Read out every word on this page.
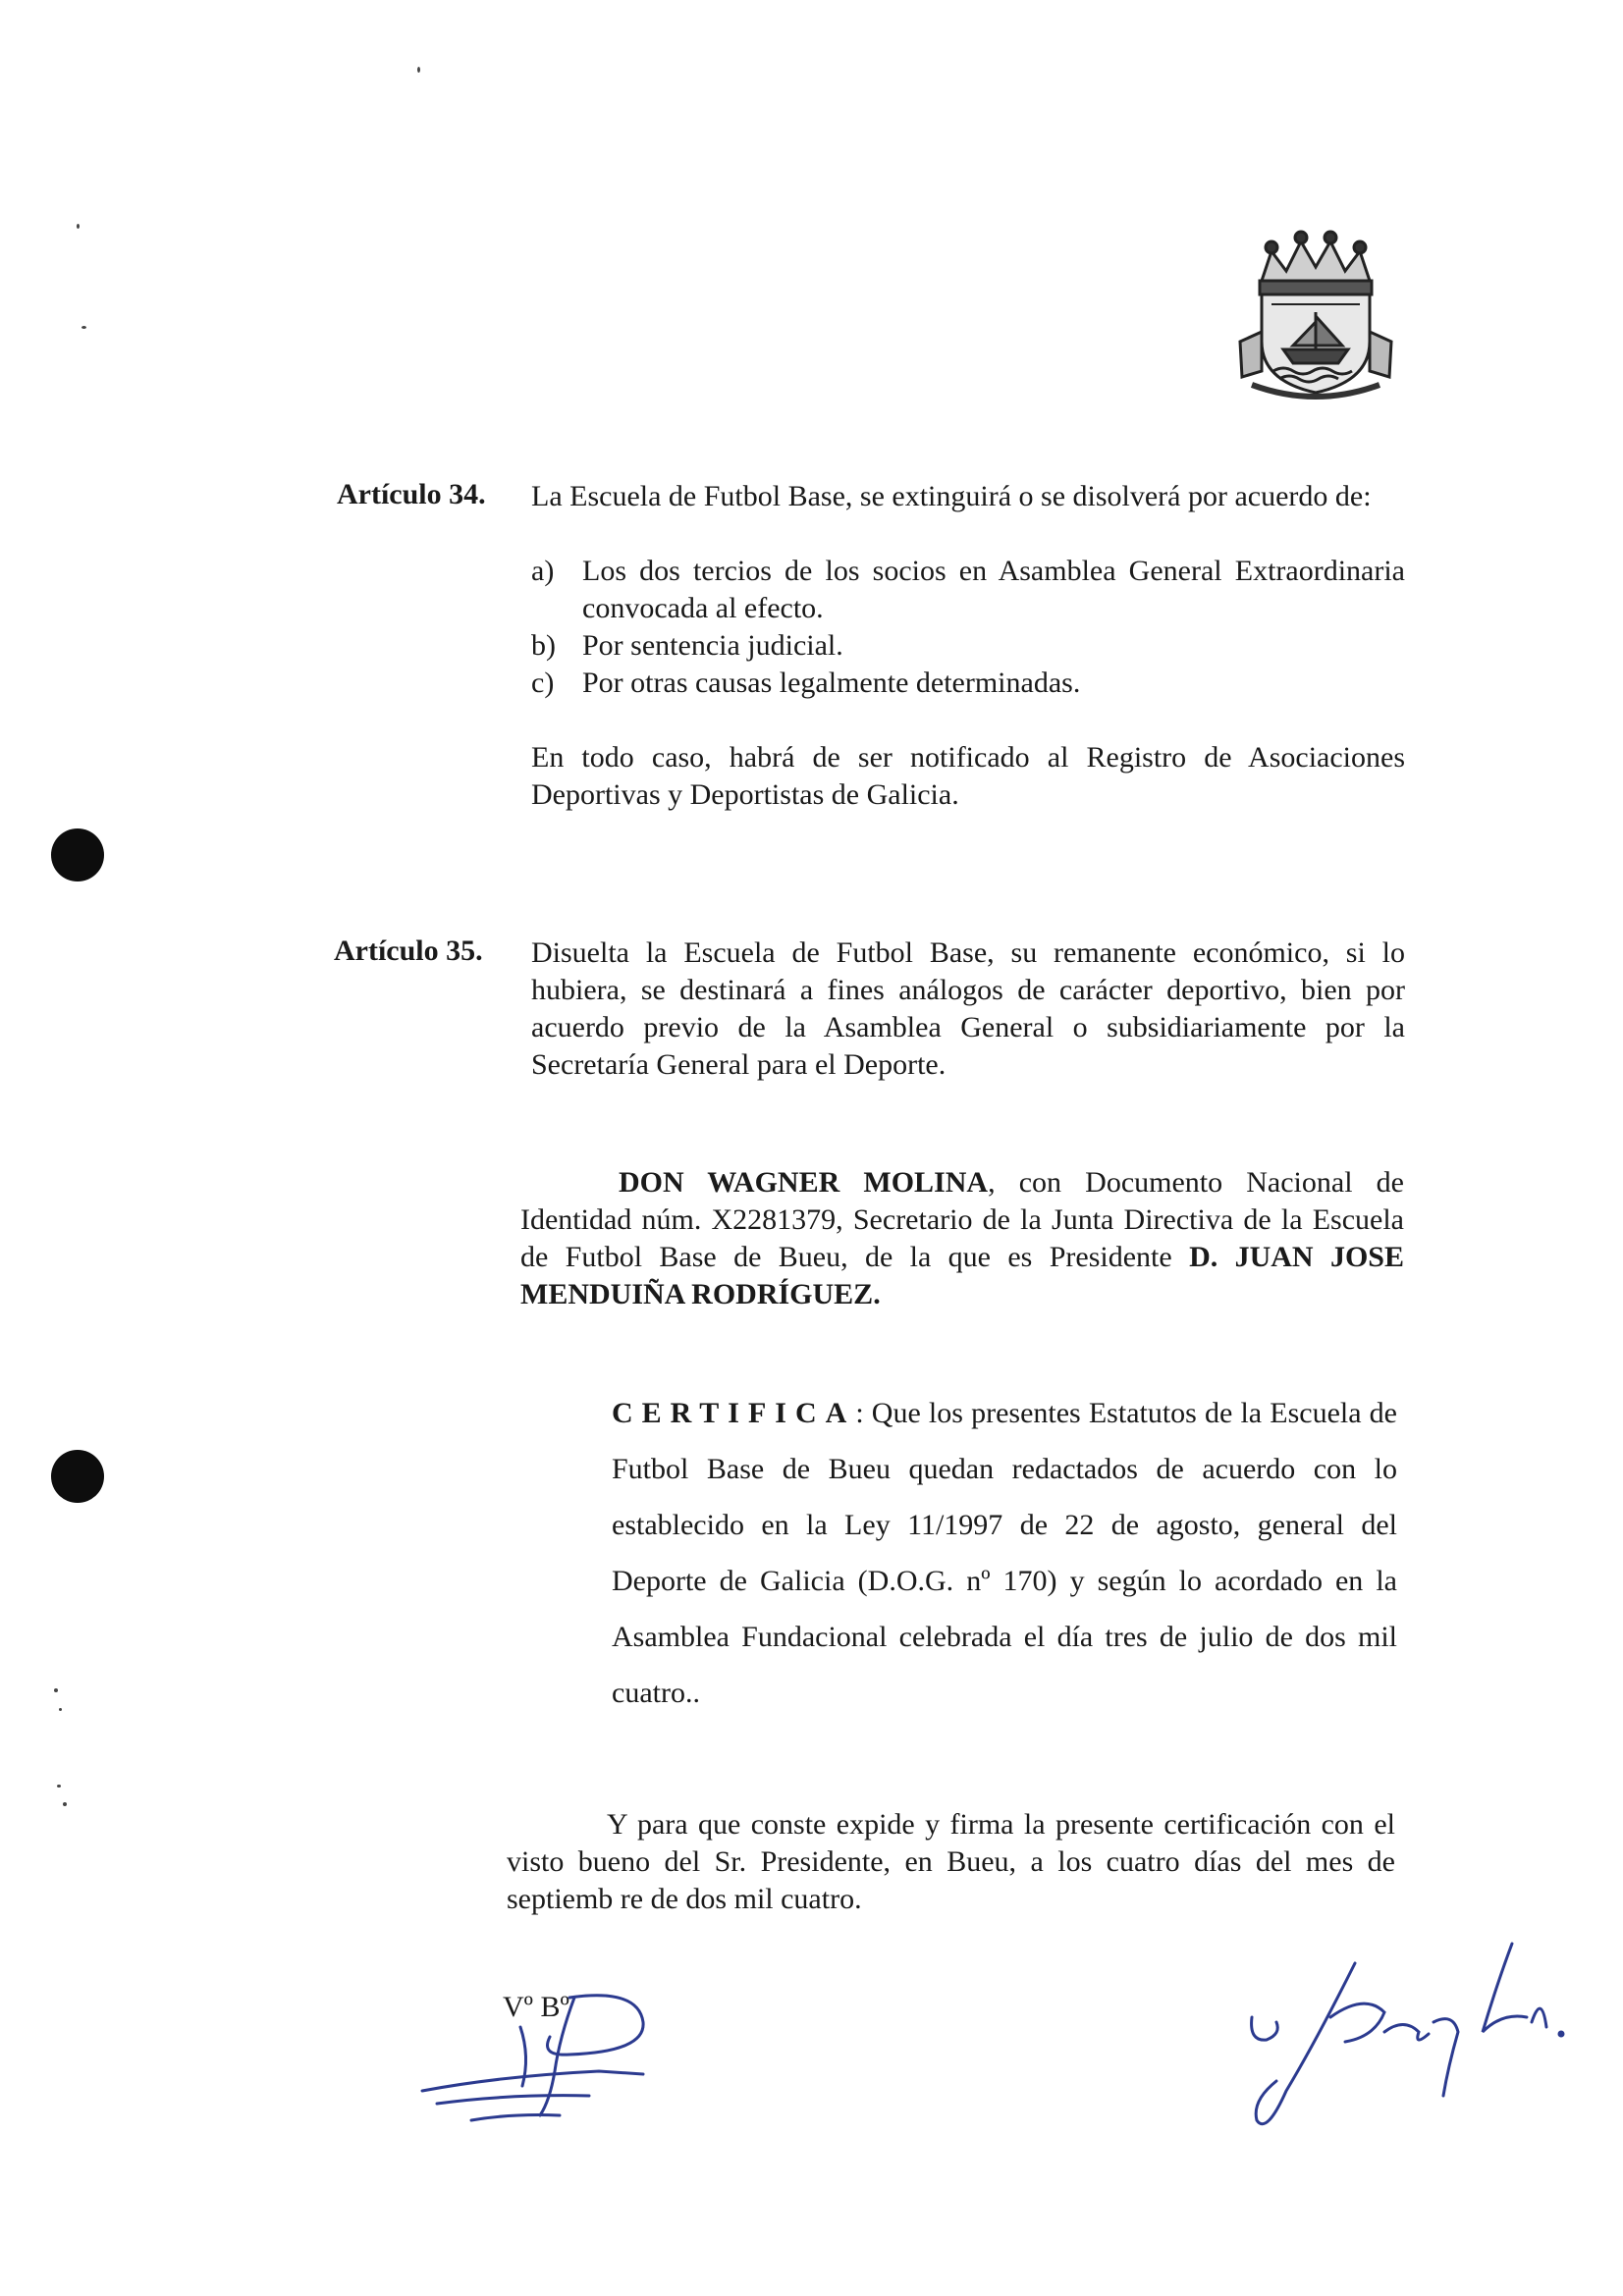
Artículo 34. La Escuela de Futbol Base, se extinguirá o se disolverá por acuerdo de:

a) Los dos tercios de los socios en Asamblea General Extraordinaria convocada al efecto.
b) Por sentencia judicial.
c) Por otras causas legalmente determinadas.

En todo caso, habrá de ser notificado al Registro de Asociaciones Deportivas y Deportistas de Galicia.

Artículo 35. Disuelta la Escuela de Futbol Base, su remanente económico, si lo hubiera, se destinará a fines análogos de carácter deportivo, bien por acuerdo previo de la Asamblea General o subsidiariamente por la Secretaría General para el Deporte.

DON WAGNER MOLINA, con Documento Nacional de Identidad núm. X2281379, Secretario de la Junta Directiva de la Escuela de Futbol Base de Bueu, de la que es Presidente D. JUAN JOSE MENDUIÑA RODRÍGUEZ.
CERTIFICA: Que los presentes Estatutos de la Escuela de Futbol Base de Bueu quedan redactados de acuerdo con lo establecido en la Ley 11/1997 de 22 de agosto, general del Deporte de Galicia (D.O.G. nº 170) y según lo acordado en la Asamblea Fundacional celebrada el día tres de julio de dos mil cuatro..
Y para que conste expide y firma la presente certificación con el visto bueno del Sr. Presidente, en Bueu, a los cuatro días del mes de septiemb re de dos mil cuatro.
Vº Bº
